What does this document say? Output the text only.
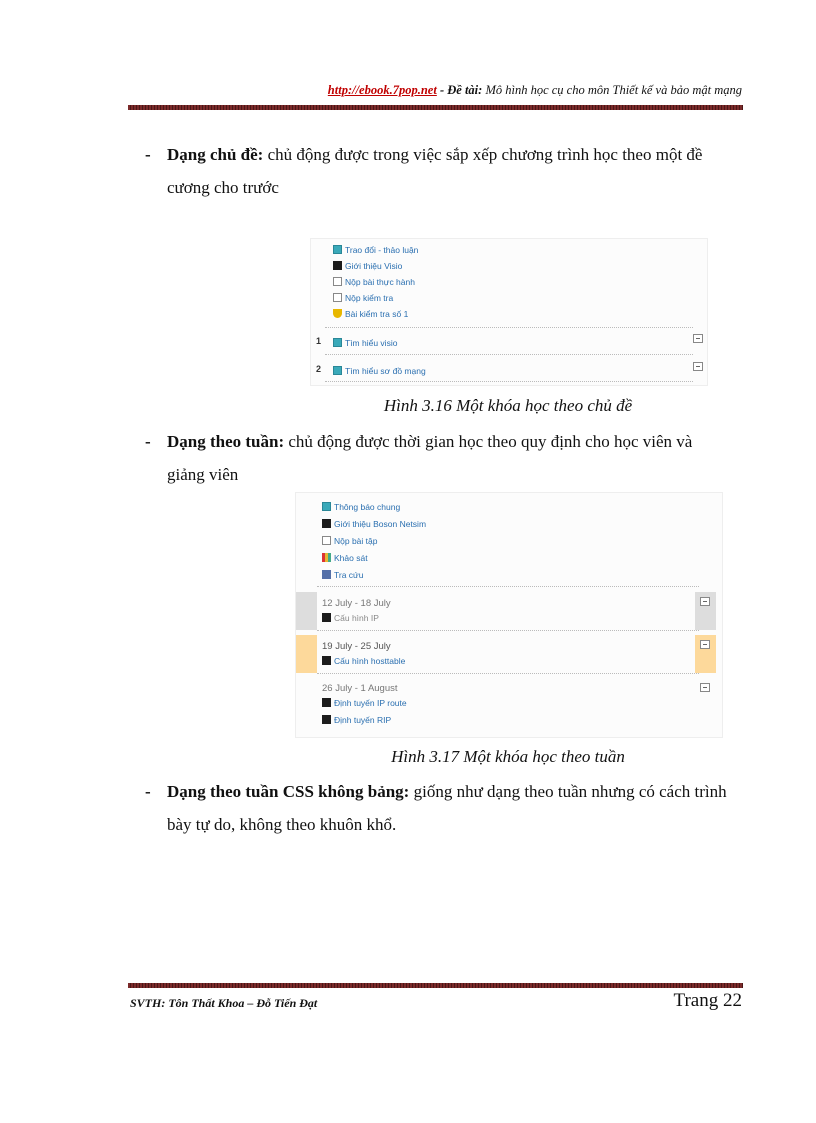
http://ebook.7pop.net - Đề tài: Mô hình học cụ cho môn Thiết kế và bảo mật mạng
- Dạng chủ đề: chủ động được trong việc sắp xếp chương trình học theo một đề
cương cho trước
Trao đổi - thảo luận
Giới thiệu Visio
Nộp bài thực hành
Nộp kiểm tra
Bài kiểm tra số 1
1	Tìm hiểu visio
2	Tìm hiểu sơ đồ mạng
Hình 3.16 Một khóa học theo chủ đề
- Dạng theo tuần: chủ động được thời gian học theo quy định cho học viên và
giảng viên
Thông báo chung
Giới thiệu Boson Netsim
Nộp bài tập
Khảo sát
Tra cứu
12 July - 18 July
Cấu hình IP
19 July - 25 July
Cấu hình hosttable
26 July - 1 August
Định tuyến IP route
Định tuyến RIP
Hình 3.17 Một khóa học theo tuần
- Dạng theo tuần CSS không bảng: giống như dạng theo tuần nhưng có cách trình
bày tự do, không theo khuôn khổ.
SVTH: Tôn Thất Khoa – Đỗ Tiến Đạt	Trang 22
